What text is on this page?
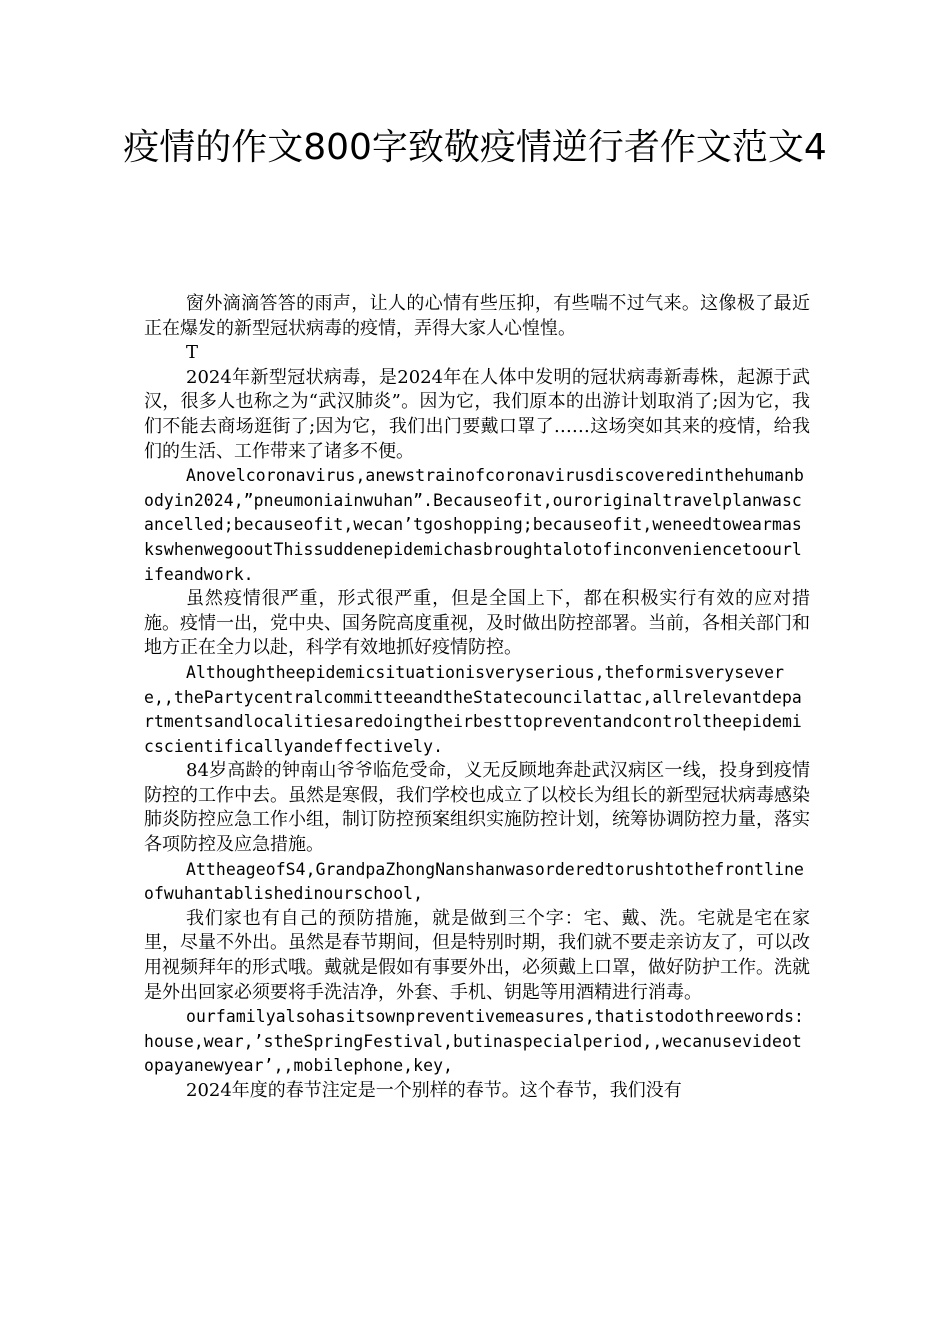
疫情的作文800字致敬疫情逆行者作文范文4

窗外滴滴答答的雨声，让人的心情有些压抑，有些喘不过气来。这像极了最近正在爆发的新型冠状病毒的疫情，弄得大家人心惶惶。

T

2024年新型冠状病毒，是2024年在人体中发明的冠状病毒新毒株，起源于武汉，很多人也称之为“武汉肺炎”。因为它，我们原本的出游计划取消了;因为它，我们不能去商场逛街了;因为它，我们出门要戴口罩了……这场突如其来的疫情，给我们的生活、工作带来了诸多不便。

Anovelcoronavirus,anewstrainofcoronavirusdiscoveredinthehumanbodyin2024,”pneumoniainwuhan”.Becauseofit,ouroriginaltravelplanwascancelled;becauseofit,wecan’tgoshopping;becauseofit,weneedtowearmaskswhenwegooutThissuddenepidemichasbroughtalotofinconveniencetoourlifeandwork.

虽然疫情很严重，形式很严重，但是全国上下，都在积极实行有效的应对措施。疫情一出，党中央、国务院高度重视，及时做出防控部署。当前，各相关部门和地方正在全力以赴，科学有效地抓好疫情防控。

Althoughtheepidemicsituationisveryserious,theformisverysevere,,thePartycentralcommitteeandtheStatecouncilattac,allrelevantdepartmentsandlocalitiesaredoingtheirbesttopreventandcontroltheepidemicscientificallyandeffectively.

84岁高龄的钟南山爷爷临危受命，义无反顾地奔赴武汉病区一线，投身到疫情防控的工作中去。虽然是寒假，我们学校也成立了以校长为组长的新型冠状病毒感染肺炎防控应急工作小组，制订防控预案组织实施防控计划，统筹协调防控力量，落实各项防控及应急措施。

AttheageofS4,GrandpaZhongNanshanwasorderedtorushtothefrontlineofwuhantablishedinourschool,

我们家也有自己的预防措施，就是做到三个字：宅、戴、洗。宅就是宅在家里，尽量不外出。虽然是春节期间，但是特别时期，我们就不要走亲访友了，可以改用视频拜年的形式哦。戴就是假如有事要外出，必须戴上口罩，做好防护工作。洗就是外出回家必须要将手洗洁净，外套、手机、钥匙等用酒精进行消毒。

ourfamilyalsohasitsownpreventivemeasures,thatistodothreewords:house,wear,’stheSpringFestival,butinaspecialperiod,,wecanusevideotopayanewyear’,,mobilephone,key,

2024年度的春节注定是一个别样的春节。这个春节，我们没有
